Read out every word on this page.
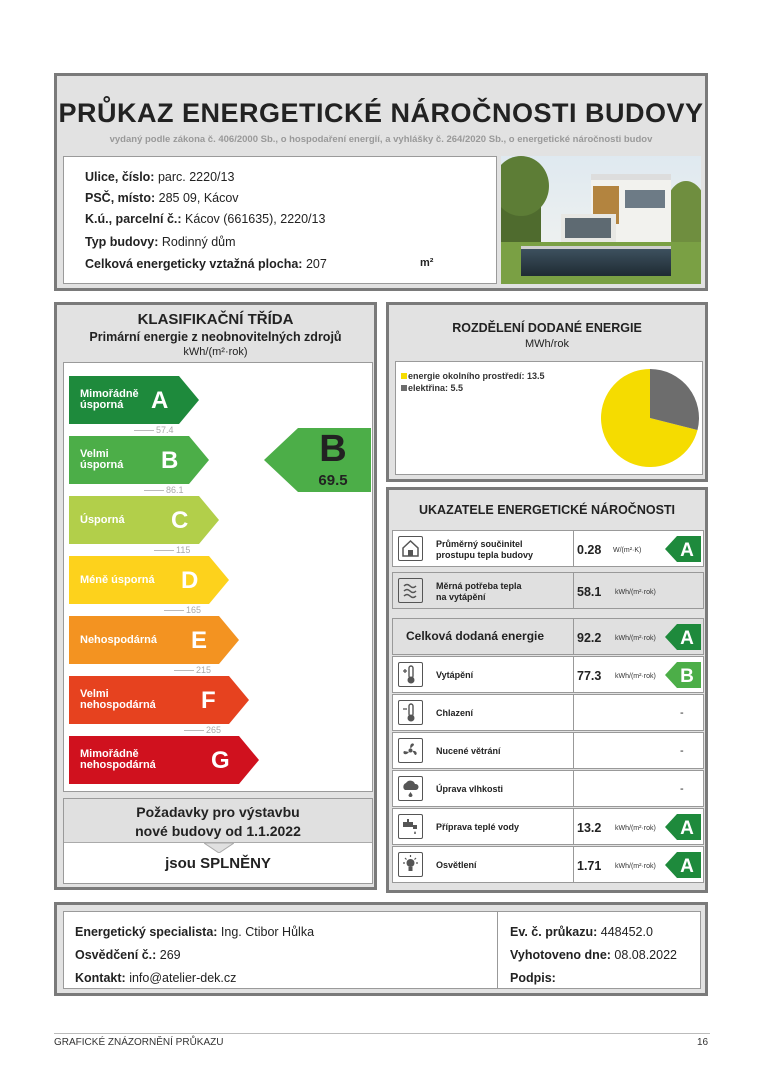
PRŮKAZ ENERGETICKÉ NÁROČNOSTI BUDOVY
vydaný podle zákona č. 406/2000 Sb., o hospodaření energií, a vyhlášky č. 264/2020 Sb., o energetické náročnosti budov
Ulice, číslo: parc. 2220/13
PSČ, místo: 285 09, Kácov
K.ú., parcelní č.: Kácov (661635), 2220/13
Typ budovy: Rodinný dům
Celková energeticky vztažná plocha: 207	m²
KLASIFIKAČNÍ TŘÍDA
Primární energie z neobnovitelných zdrojů
kWh/(m²·rok)
Mimořádně
úsporná	A
57.4
Velmi
úsporná B
86.1
Úsporná C
115
Méně úsporná D
165
Nehospodárná E
215
Velmi
nehospodárná F
265
Mimořádně
nehospodárná G
B
69.5
Požadavky pro výstavbu
nové budovy od 1.1.2022
jsou SPLNĚNY
ROZDĚLENÍ DODANÉ ENERGIE
MWh/rok
energie okolního prostředí: 13.5
elektřina: 5.5
UKAZATELE ENERGETICKÉ NÁROČNOSTI
Průměrný součinitel
prostupu tepla budovy	0.28 W/(m²·K) A
Měrná potřeba tepla
na vytápění	58.1 kWh/(m²·rok)
Celková dodaná energie	92.2 kWh/(m²·rok) A
Vytápění	77.3 kWh/(m²·rok) B
Chlazení	-
Nucené větrání	-
Úprava vlhkosti	-
Příprava teplé vody	13.2 kWh/(m²·rok) A
Osvětlení	1.71 kWh/(m²·rok) A
Energetický specialista: Ing. Ctibor Hůlka
Osvědčení č.: 269
Kontakt: info@atelier-dek.cz
Ev. č. průkazu: 448452.0
Vyhotoveno dne: 08.08.2022
Podpis:
GRAFICKÉ ZNÁZORNĚNÍ PRŮKAZU	16
